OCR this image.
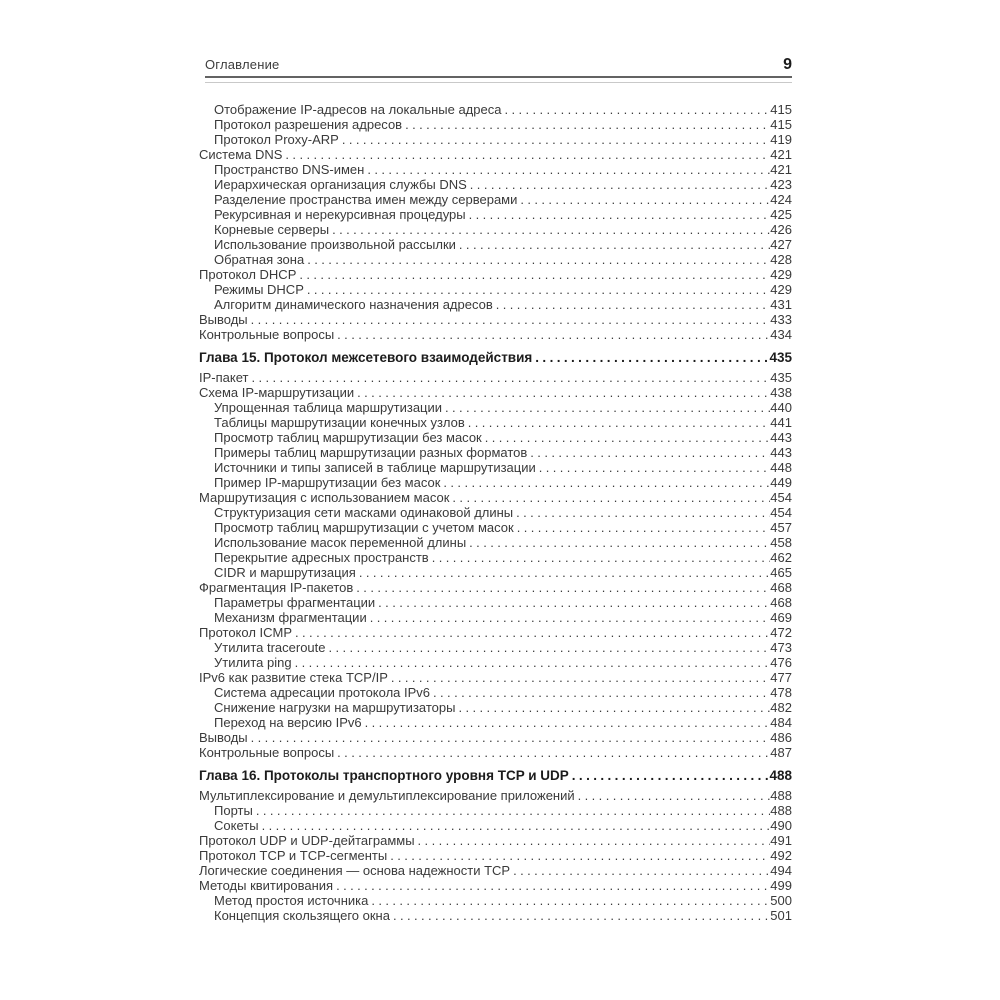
Оглавление	9
Отображение IP-адресов на локальные адреса .....	415
Протокол разрешения адресов .....	415
Протокол Proxy-ARP .....	419
Система DNS .....	421
Пространство DNS-имен .....	421
Иерархическая организация службы DNS .....	423
Разделение пространства имен между серверами .....	424
Рекурсивная и нерекурсивная процедуры .....	425
Корневые серверы .....	426
Использование произвольной рассылки .....	427
Обратная зона .....	428
Протокол DHCP .....	429
Режимы DHCP .....	429
Алгоритм динамического назначения адресов .....	431
Выводы .....	433
Контрольные вопросы .....	434
Глава 15. Протокол межсетевого взаимодействия .....	435
IP-пакет .....	435
Схема IP-маршрутизации .....	438
Упрощенная таблица маршрутизации .....	440
Таблицы маршрутизации конечных узлов .....	441
Просмотр таблиц маршрутизации без масок .....	443
Примеры таблиц маршрутизации разных форматов .....	443
Источники и типы записей в таблице маршрутизации .....	448
Пример IP-маршрутизации без масок .....	449
Маршрутизация с использованием масок .....	454
Структуризация сети масками одинаковой длины .....	454
Просмотр таблиц маршрутизации с учетом масок .....	457
Использование масок переменной длины .....	458
Перекрытие адресных пространств .....	462
CIDR и маршрутизация .....	465
Фрагментация IP-пакетов .....	468
Параметры фрагментации .....	468
Механизм фрагментации .....	469
Протокол ICMP .....	472
Утилита traceroute .....	473
Утилита ping .....	476
IPv6 как развитие стека TCP/IP .....	477
Система адресации протокола IPv6 .....	478
Снижение нагрузки на маршрутизаторы .....	482
Переход на версию IPv6 .....	484
Выводы .....	486
Контрольные вопросы .....	487
Глава 16. Протоколы транспортного уровня TCP и UDP .....	488
Мультиплексирование и демультиплексирование приложений .....	488
Порты .....	488
Сокеты .....	490
Протокол UDP и UDP-дейтаграммы .....	491
Протокол TCP и TCP-сегменты .....	492
Логические соединения — основа надежности TCP .....	494
Методы квитирования .....	499
Метод простоя источника .....	500
Концепция скользящего окна .....	501
